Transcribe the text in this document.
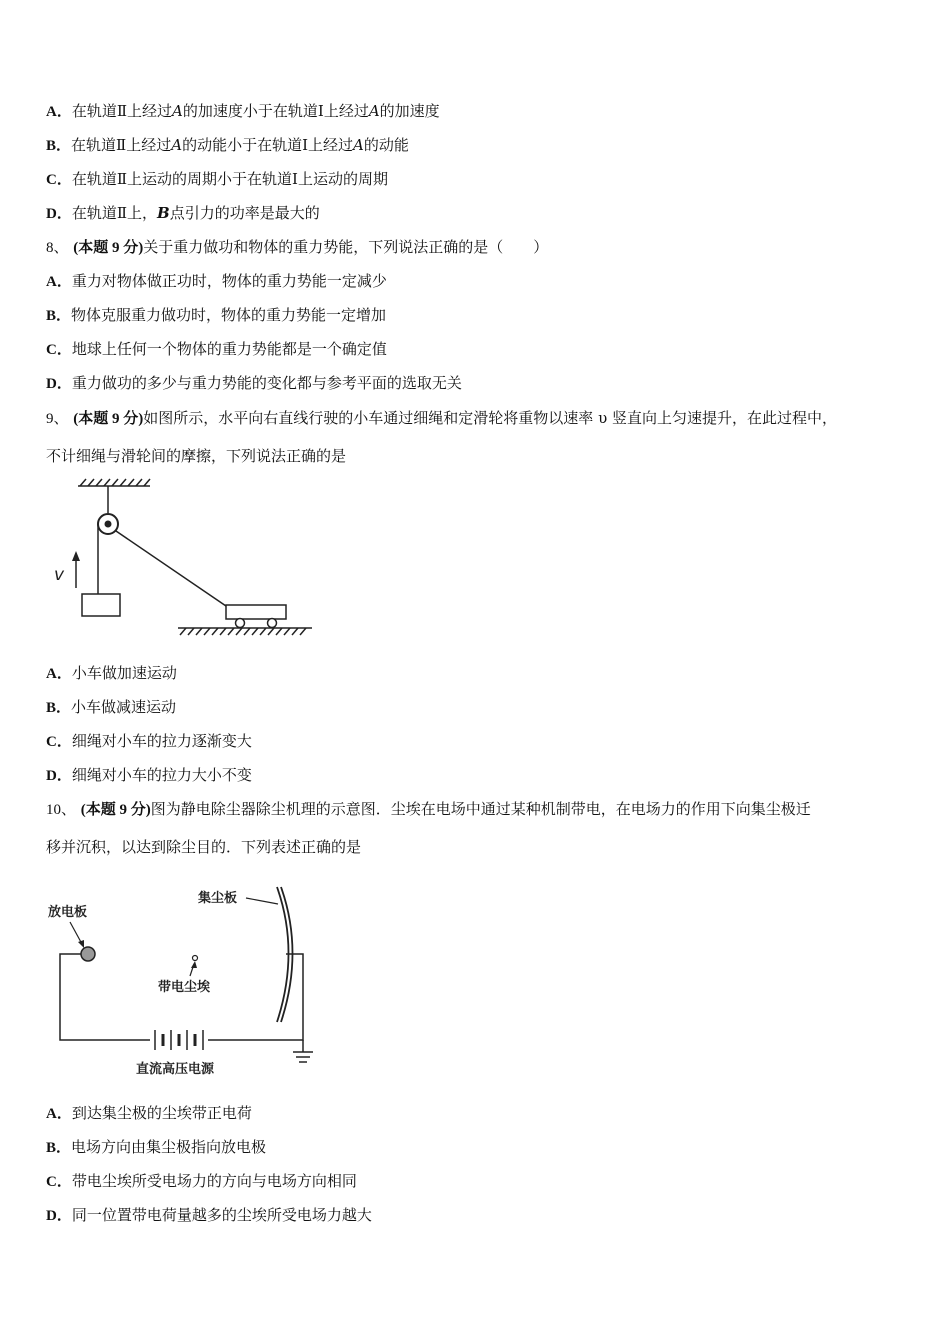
A．在轨道Ⅱ上经过A的加速度小于在轨道Ⅰ上经过A的加速度
B．在轨道Ⅱ上经过A的动能小于在轨道Ⅰ上经过A的动能
C．在轨道Ⅱ上运动的周期小于在轨道Ⅰ上运动的周期
D．在轨道Ⅱ上，B点引力的功率是最大的
8、 (本题 9 分)关于重力做功和物体的重力势能，下列说法正确的是（　　）
A．重力对物体做正功时，物体的重力势能一定减少
B．物体克服重力做功时，物体的重力势能一定增加
C．地球上任何一个物体的重力势能都是一个确定值
D．重力做功的多少与重力势能的变化都与参考平面的选取无关
9、 (本题 9 分)如图所示，水平向右直线行驶的小车通过细绳和定滑轮将重物以速率 υ 竖直向上匀速提升，在此过程中，
不计细绳与滑轮间的摩擦，下列说法正确的是
v
A．小车做加速运动
B．小车做减速运动
C．细绳对小车的拉力逐渐变大
D．细绳对小车的拉力大小不变
10、 (本题 9 分)图为静电除尘器除尘机理的示意图．尘埃在电场中通过某种机制带电，在电场力的作用下向集尘极迁
移并沉积，以达到除尘目的．下列表述正确的是
集尘板
放电板
带电尘埃
直流高压电源
A．到达集尘极的尘埃带正电荷
B．电场方向由集尘极指向放电极
C．带电尘埃所受电场力的方向与电场方向相同
D．同一位置带电荷量越多的尘埃所受电场力越大
